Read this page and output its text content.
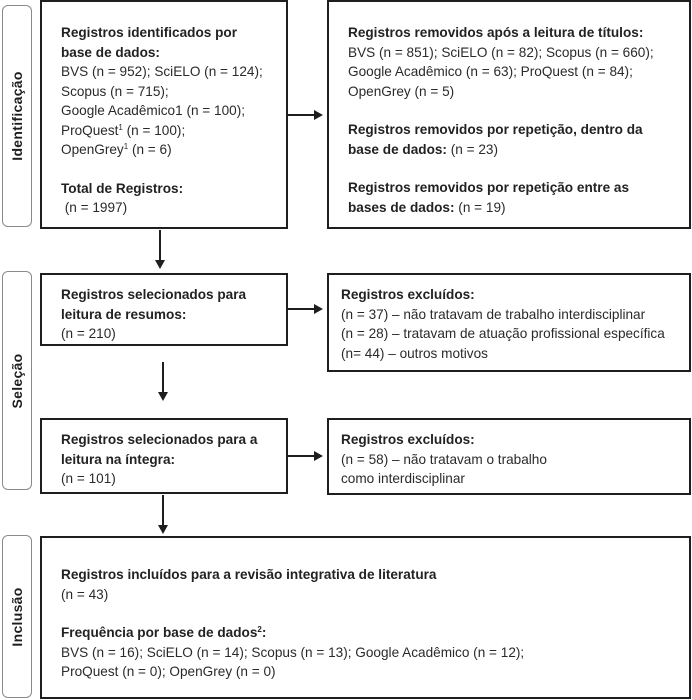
Identificação
Seleção
Inclusão
Registros identificados por
base de dados:
BVS (n = 952); SciELO (n = 124);
Scopus (n = 715);
Google Acadêmico1 (n = 100);
ProQuest$^1$ (n = 100);
OpenGrey$^1$ (n = 6)
Total de Registros:
(n = 1997)
Registros removidos após a leitura de títulos:
BVS (n = 851); SciELO (n = 82); Scopus (n = 660);
Google Acadêmico (n = 63); ProQuest (n = 84);
OpenGrey (n = 5)
Registros removidos por repetição, dentro da
base de dados: (n = 23)
Registros removidos por repetição entre as
bases de dados: (n = 19)
Registros selecionados para
leitura de resumos:
(n = 210)
Registros excluídos:
(n = 37) – não tratavam de trabalho interdisciplinar
(n = 28) – tratavam de atuação profissional específica
(n= 44) – outros motivos
Registros selecionados para a
leitura na íntegra:
(n = 101)
Registros excluídos:
(n = 58) – não tratavam o trabalho
como interdisciplinar
Registros incluídos para a revisão integrativa de literatura
(n = 43)
Frequência por base de dados$^2$:
BVS (n = 16); SciELO (n = 14); Scopus (n = 13); Google Acadêmico (n = 12);
ProQuest (n = 0); OpenGrey (n = 0)
